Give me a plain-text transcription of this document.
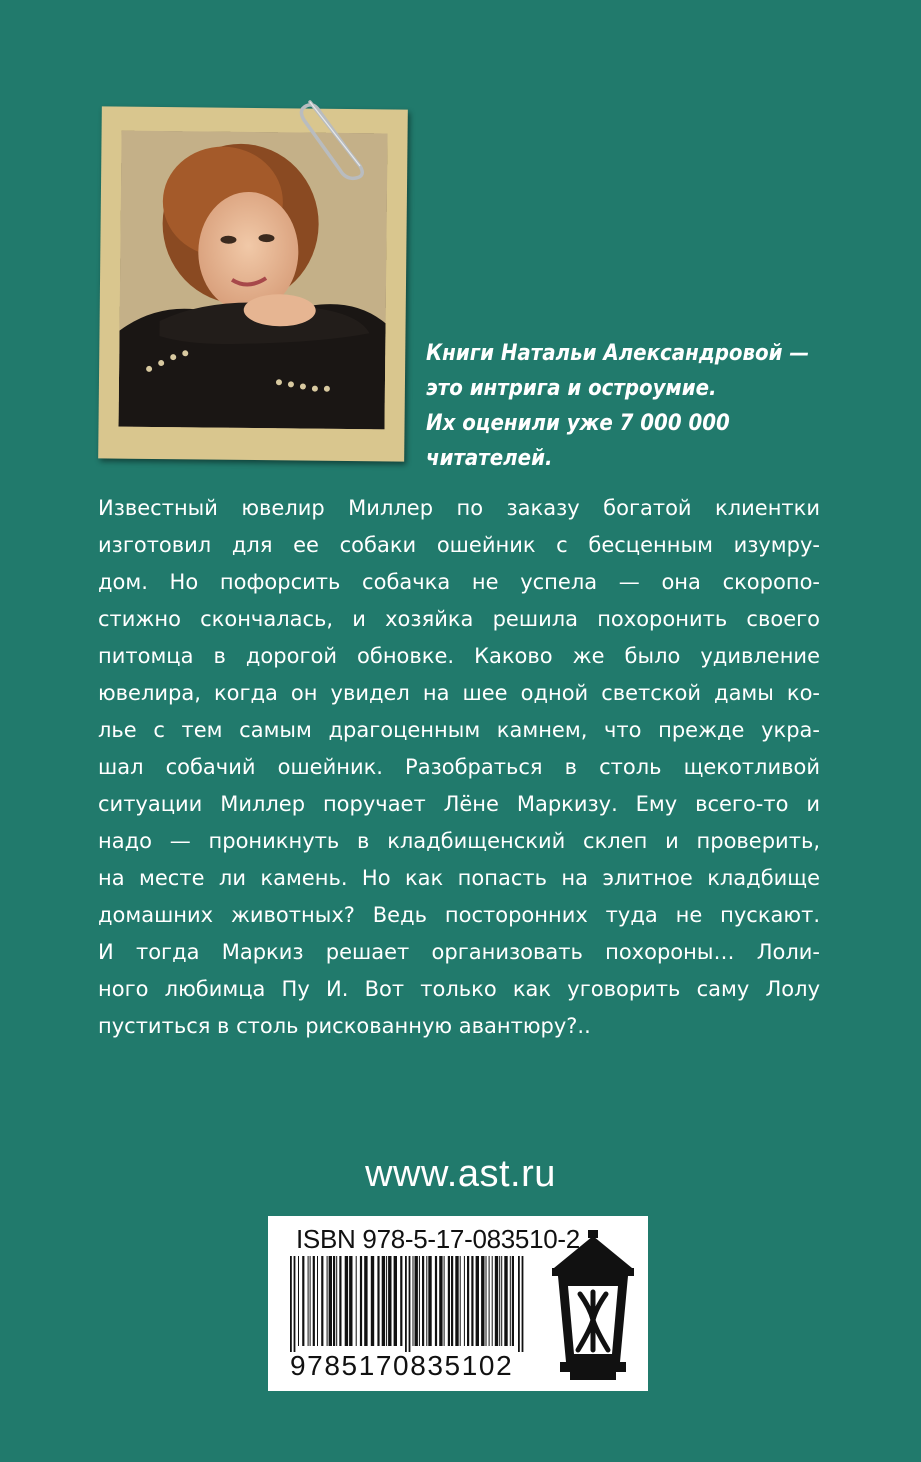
Книги Натальи Александровой —
это интрига и остроумие.
Их оценили уже 7 000 000
читателей.
Известный ювелир Миллер по заказу богатой клиентки
изготовил для ее собаки ошейник с бесценным изумру-
дом. Но пофорсить собачка не успела — она скоропо-
стижно скончалась, и хозяйка решила похоронить своего
питомца в дорогой обновке. Каково же было удивление
ювелира, когда он увидел на шее одной светской дамы ко-
лье с тем самым драгоценным камнем, что прежде укра-
шал собачий ошейник. Разобраться в столь щекотливой
ситуации Миллер поручает Лёне Маркизу. Ему всего-то и
надо — проникнуть в кладбищенский склеп и проверить,
на месте ли камень. Но как попасть на элитное кладбище
домашних животных? Ведь посторонних туда не пускают.
И тогда Маркиз решает организовать похороны… Лоли-
ного любимца Пу И. Вот только как уговорить саму Лолу
пуститься в столь рискованную авантюру?..
www.ast.ru
ISBN 978-5-17-083510-2
9785170835102
